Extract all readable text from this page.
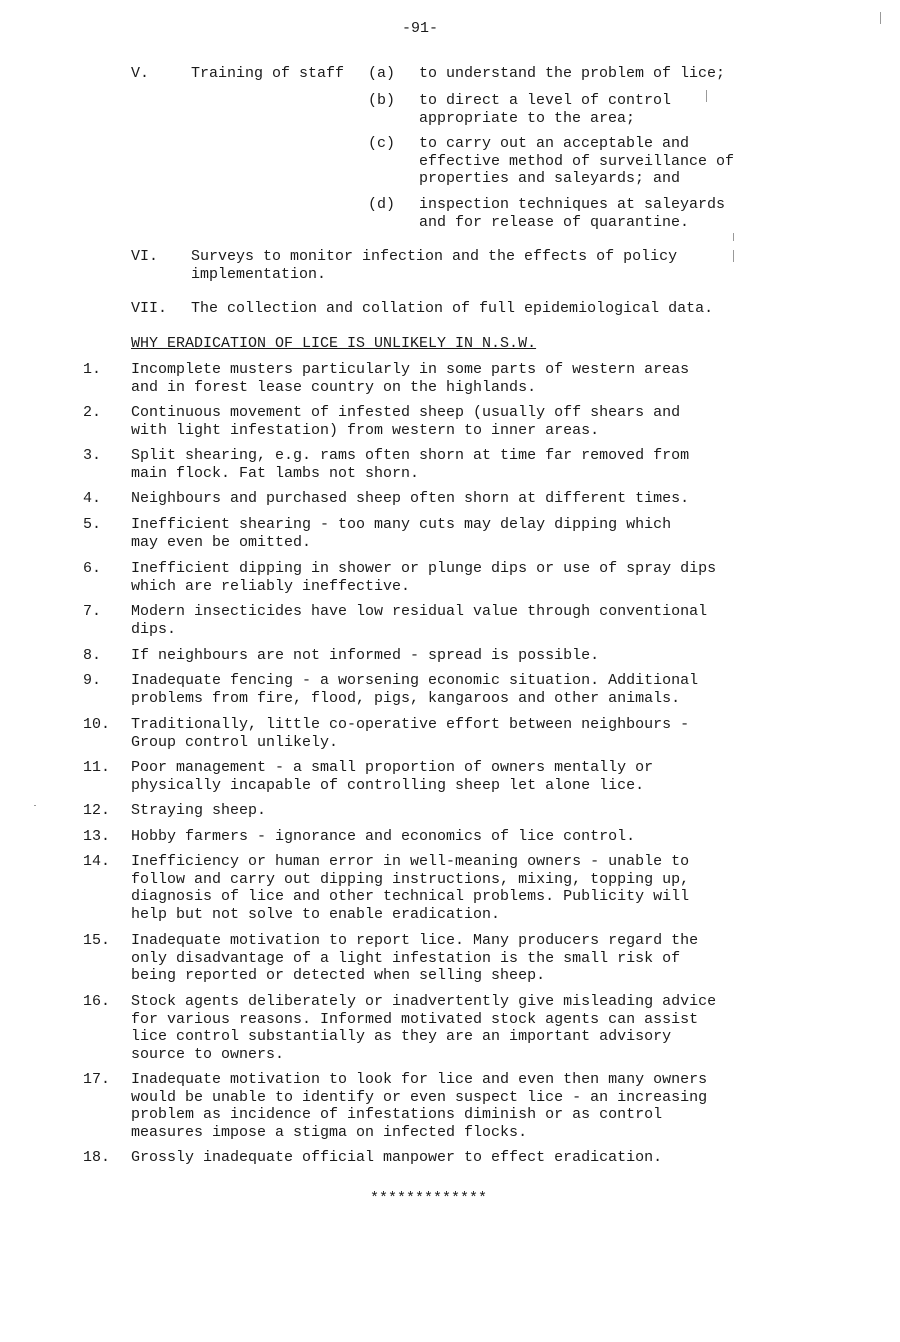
-91-
V.	Training of staff (a) to understand the problem of lice;
(b) to direct a level of control
appropriate to the area;
(c) to carry out an acceptable and
effective method of surveillance of
properties and saleyards; and
(d) inspection techniques at saleyards
and for release of quarantine.
VI. Surveys to monitor infection and the effects of policy
implementation.
VII. The collection and collation of full epidemiological data.
WHY ERADICATION OF LICE IS UNLIKELY IN N.S.W.
1. Incomplete musters particularly in some parts of western areas
and in forest lease country on the highlands.
2. Continuous movement of infested sheep (usually off shears and
with light infestation) from western to inner areas.
3. Split shearing, e.g. rams often shorn at time far removed from
main flock. Fat lambs not shorn.
4. Neighbours and purchased sheep often shorn at different times.
5. Inefficient shearing - too many cuts may delay dipping which
may even be omitted.
6. Inefficient dipping in shower or plunge dips or use of spray dips
which are reliably ineffective.
7. Modern insecticides have low residual value through conventional
dips.
8. If neighbours are not informed - spread is possible.
9. Inadequate fencing - a worsening economic situation. Additional
problems from fire, flood, pigs, kangaroos and other animals.
10. Traditionally, little co-operative effort between neighbours -
Group control unlikely.
11. Poor management - a small proportion of owners mentally or
physically incapable of controlling sheep let alone lice.
12. Straying sheep.
13. Hobby farmers - ignorance and economics of lice control.
14. Inefficiency or human error in well-meaning owners - unable to
follow and carry out dipping instructions, mixing, topping up,
diagnosis of lice and other technical problems. Publicity will
help but not solve to enable eradication.
15. Inadequate motivation to report lice. Many producers regard the
only disadvantage of a light infestation is the small risk of
being reported or detected when selling sheep.
16. Stock agents deliberately or inadvertently give misleading advice
for various reasons. Informed motivated stock agents can assist
lice control substantially as they are an important advisory
source to owners.
17. Inadequate motivation to look for lice and even then many owners
would be unable to identify or even suspect lice - an increasing
problem as incidence of infestations diminish or as control
measures impose a stigma on infected flocks.
18. Grossly inadequate official manpower to effect eradication.
*************
